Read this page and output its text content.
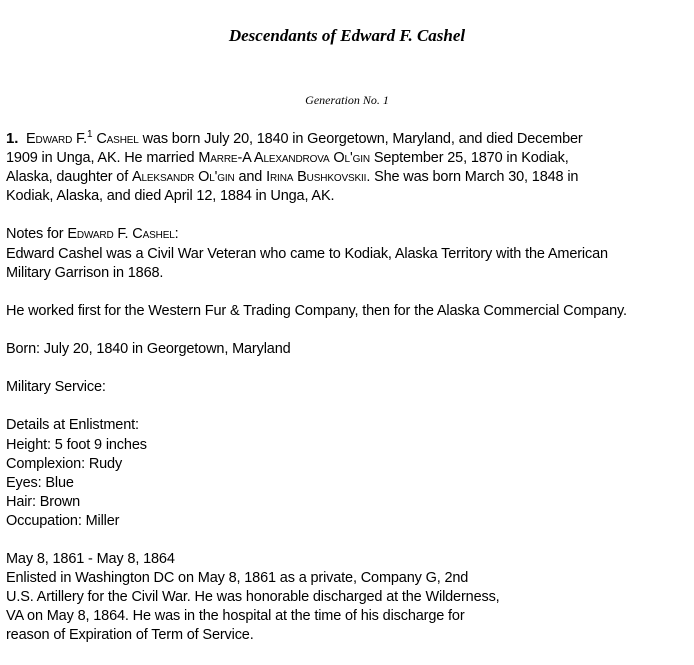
Descendants of Edward F. Cashel
Generation No. 1
1. Edward F.$^1$ Cashel was born July 20, 1840 in Georgetown, Maryland, and died December
1909 in Unga, AK. He married Marre-A Alexandrova Ol'gin September 25, 1870 in Kodiak,
Alaska, daughter of Aleksandr Ol'gin and Irina Bushkovskii. She was born March 30, 1848 in
Kodiak, Alaska, and died April 12, 1884 in Unga, AK.
Notes for Edward F. Cashel:
Edward Cashel was a Civil War Veteran who came to Kodiak, Alaska Territory with the American
Military Garrison in 1868.
He worked first for the Western Fur & Trading Company, then for the Alaska Commercial Company.
Born: July 20, 1840 in Georgetown, Maryland
Military Service:
Details at Enlistment:
Height: 5 foot 9 inches
Complexion: Rudy
Eyes: Blue
Hair: Brown
Occupation: Miller
May 8, 1861 - May 8, 1864
Enlisted in Washington DC on May 8, 1861 as a private, Company G, 2nd
U.S. Artillery for the Civil War. He was honorable discharged at the Wilderness,
VA on May 8, 1864. He was in the hospital at the time of his discharge for
reason of Expiration of Term of Service.
